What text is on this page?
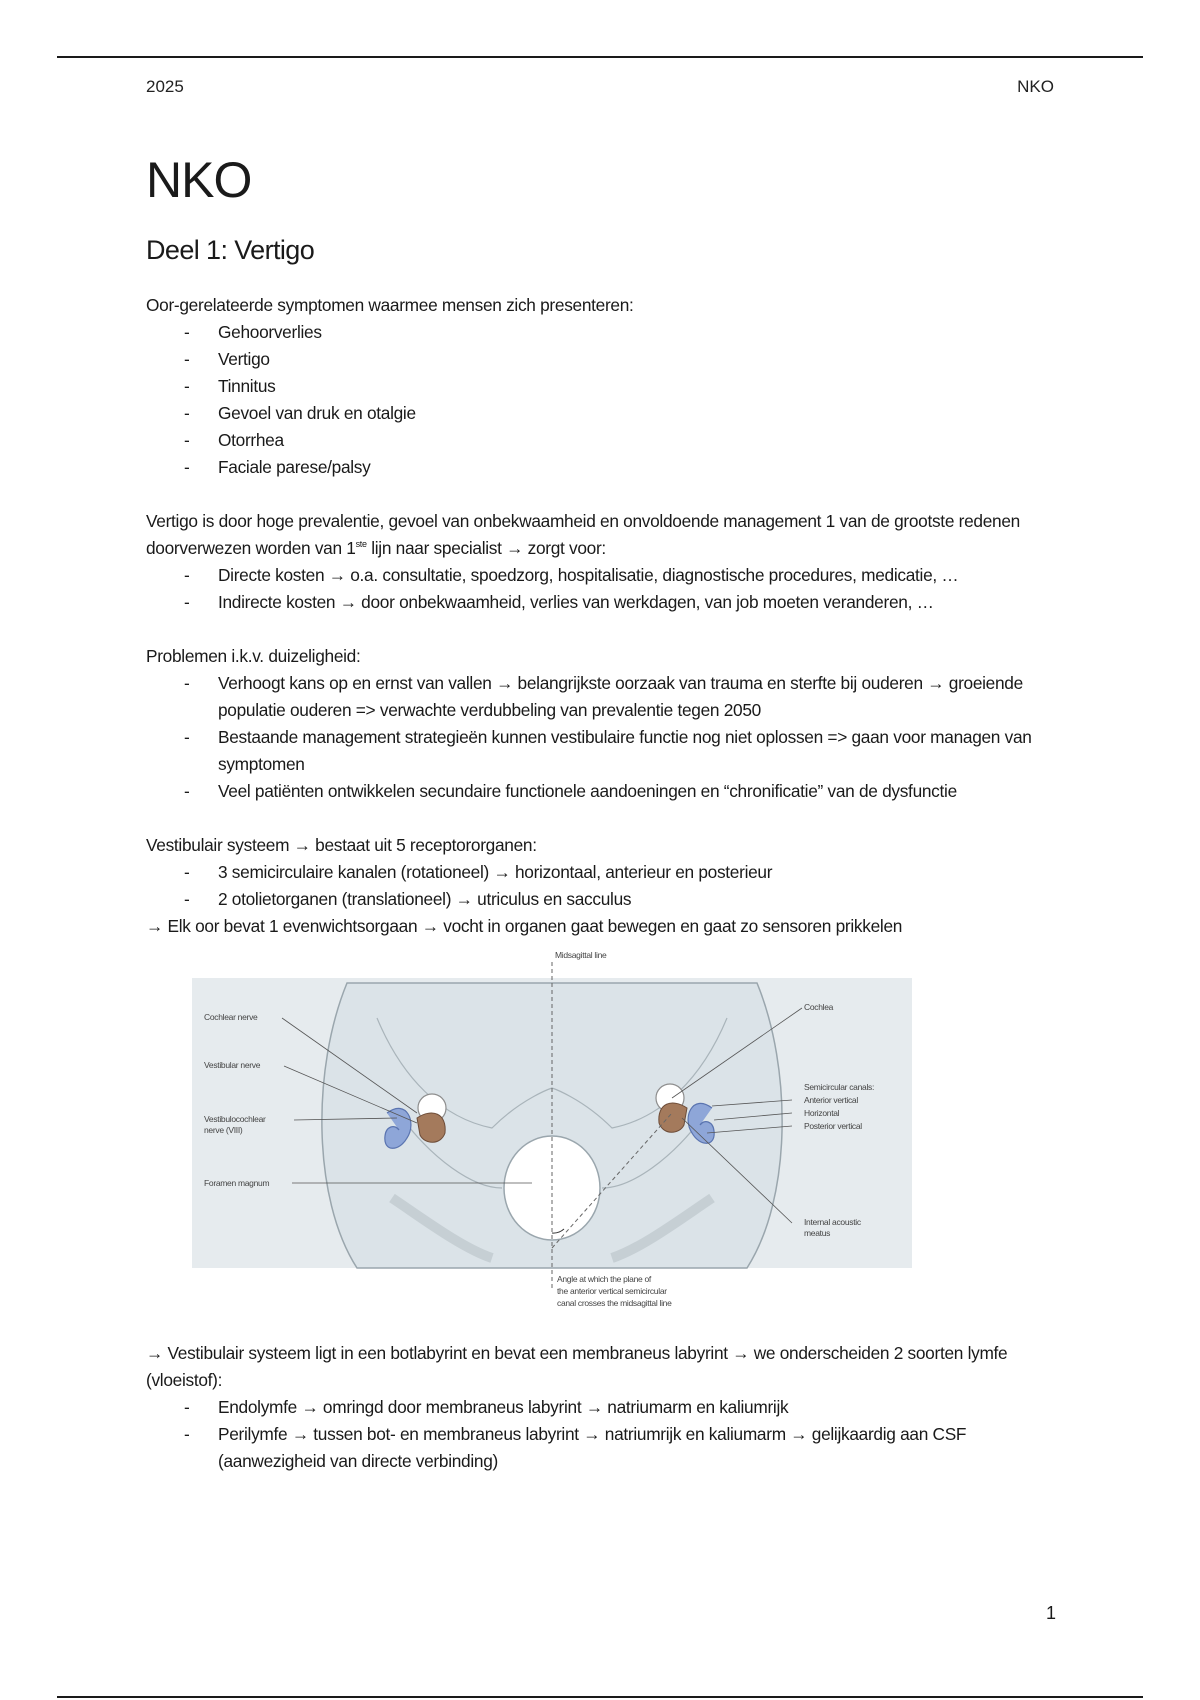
2025	NKO
NKO
Deel 1: Vertigo

Oor-gerelateerde symptomen waarmee mensen zich presenteren:

- Gehoorverlies
- Vertigo
- Tinnitus
- Gevoel van druk en otalgie
- Otorrhea
- Faciale parese/palsy

Vertigo is door hoge prevalentie, gevoel van onbekwaamheid en onvoldoende management 1 van de grootste redenen doorverwezen worden van 1ste lijn naar specialist → zorgt voor:

- Directe kosten → o.a. consultatie, spoedzorg, hospitalisatie, diagnostische procedures, medicatie, …
- Indirecte kosten → door onbekwaamheid, verlies van werkdagen, van job moeten veranderen, …

Problemen i.k.v. duizeligheid:

- Verhoogt kans op en ernst van vallen → belangrijkste oorzaak van trauma en sterfte bij ouderen → groeiende populatie ouderen => verwachte verdubbeling van prevalentie tegen 2050
- Bestaande management strategieën kunnen vestibulaire functie nog niet oplossen => gaan voor managen van symptomen
- Veel patiënten ontwikkelen secundaire functionele aandoeningen en “chronificatie” van de dysfunctie

Vestibulair systeem → bestaat uit 5 receptororganen:

- 3 semicirculaire kanalen (rotationeel) → horizontaal, anterieur en posterieur
- 2 otolietorganen (translationeel) → utriculus en sacculus

→ Elk oor bevat 1 evenwichtsorgaan → vocht in organen gaat bewegen en gaat zo sensoren prikkelen

Midsagittal line
Cochlear nerve
Vestibular nerve
Vestibulocochlear
nerve (VIII)
Foramen magnum
Cochlea
Semicircular canals:
Anterior vertical
Horizontal
Posterior vertical
Internal acoustic
meatus
Angle at which the plane of
the anterior vertical semicircular
canal crosses the midsagittal line

→ Vestibulair systeem ligt in een botlabyrint en bevat een membraneus labyrint → we onderscheiden 2 soorten lymfe (vloeistof):

- Endolymfe → omringd door membraneus labyrint → natriumarm en kaliumrijk
- Perilymfe → tussen bot- en membraneus labyrint → natriumrijk en kaliumarm → gelijkaardig aan CSF (aanwezigheid van directe verbinding)
1
